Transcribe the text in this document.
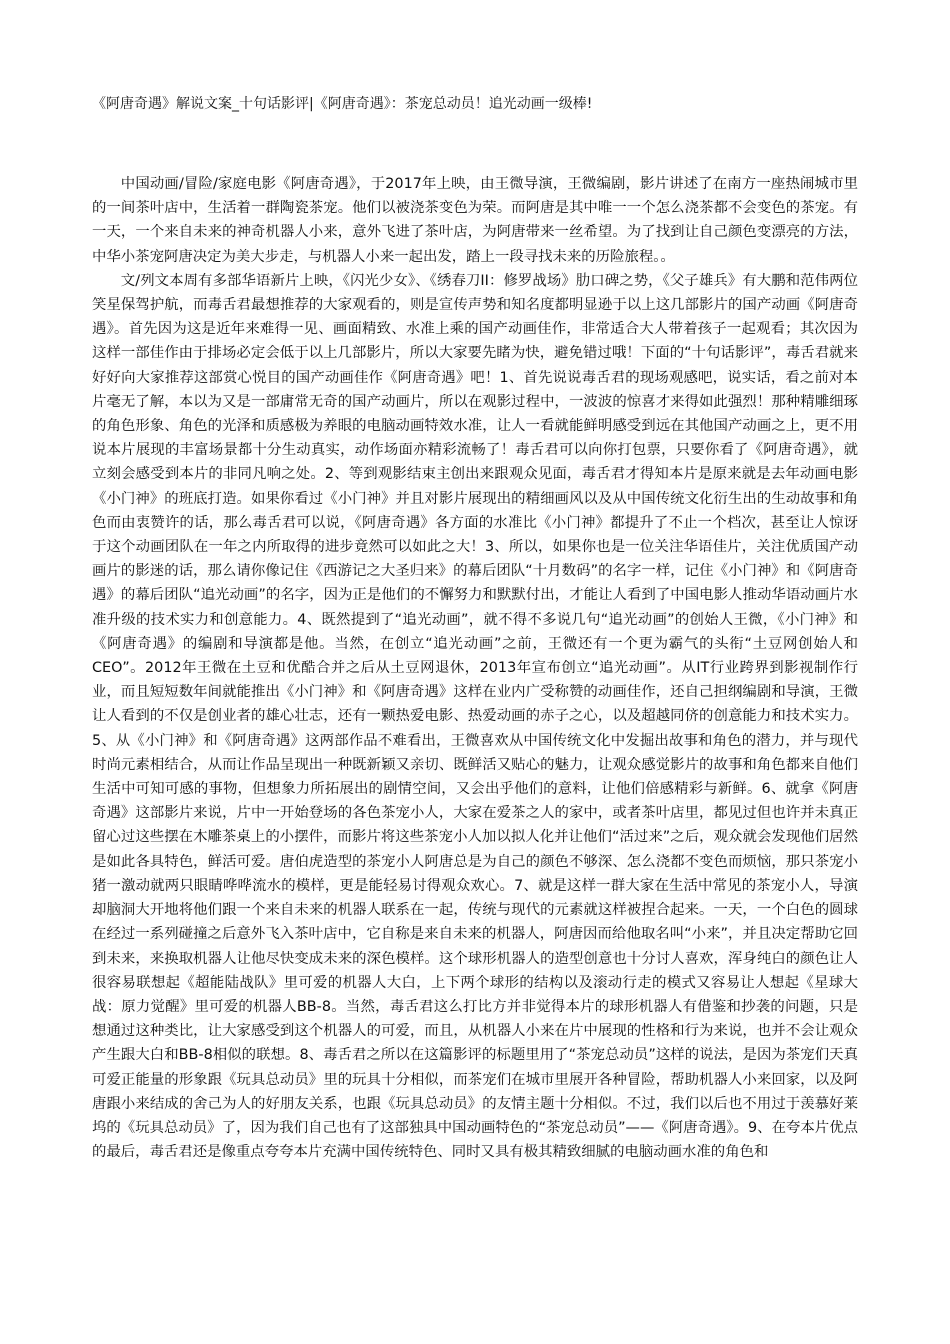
《阿唐奇遇》解说文案_十句话影评|《阿唐奇遇》：茶宠总动员！追光动画一级棒!

中国动画/冒险/家庭电影《阿唐奇遇》，于2017年上映，由王微导演，王微编剧，影片讲述了在南方一座热闹城市里的一间茶叶店中，生活着一群陶瓷茶宠。他们以被浇茶变色为荣。而阿唐是其中唯一一个怎么浇茶都不会变色的茶宠。有一天，一个来自未来的神奇机器人小来，意外飞进了茶叶店，为阿唐带来一丝希望。为了找到让自己颜色变漂亮的方法，中华小茶宠阿唐决定为美大步走，与机器人小来一起出发，踏上一段寻找未来的历险旅程。。

文/列文本周有多部华语新片上映，《闪光少女》、《绣春刀II：修罗战场》肋口碑之势，《父子雄兵》有大鹏和范伟两位笑星保驾护航，而毒舌君最想推荐的大家观看的，则是宣传声势和知名度都明显逊于以上这几部影片的国产动画《阿唐奇遇》。首先因为这是近年来难得一见、画面精致、水准上乘的国产动画佳作，非常适合大人带着孩子一起观看；其次因为这样一部佳作由于排场必定会低于以上几部影片，所以大家要先睹为快，避免错过哦！下面的“十句话影评”，毒舌君就来好好向大家推荐这部赏心悦目的国产动画佳作《阿唐奇遇》吧！1、首先说说毒舌君的现场观感吧，说实话，看之前对本片毫无了解，本以为又是一部庸常无奇的国产动画片，所以在观影过程中，一波波的惊喜才来得如此强烈！那种精雕细琢的角色形象、角色的光泽和质感极为养眼的电脑动画特效水准，让人一看就能鲜明感受到远在其他国产动画之上，更不用说本片展现的丰富场景都十分生动真实，动作场面亦精彩流畅了！毒舌君可以向你打包票，只要你看了《阿唐奇遇》，就立刻会感受到本片的非同凡响之处。2、等到观影结束主创出来跟观众见面，毒舌君才得知本片是原来就是去年动画电影《小门神》的班底打造。如果你看过《小门神》并且对影片展现出的精细画风以及从中国传统文化衍生出的生动故事和角色而由衷赞许的话，那么毒舌君可以说，《阿唐奇遇》各方面的水准比《小门神》都提升了不止一个档次，甚至让人惊讶于这个动画团队在一年之内所取得的进步竟然可以如此之大！3、所以，如果你也是一位关注华语佳片，关注优质国产动画片的影迷的话，那么请你像记住《西游记之大圣归来》的幕后团队“十月数码”的名字一样，记住《小门神》和《阿唐奇遇》的幕后团队“追光动画”的名字，因为正是他们的不懈努力和默默付出，才能让人看到了中国电影人推动华语动画片水准升级的技术实力和创意能力。4、既然提到了“追光动画”，就不得不多说几句“追光动画”的创始人王微，《小门神》和《阿唐奇遇》的编剧和导演都是他。当然，在创立“追光动画”之前，王微还有一个更为霸气的头衔“土豆网创始人和CEO”。2012年王微在土豆和优酷合并之后从土豆网退休，2013年宣布创立“追光动画”。从IT行业跨界到影视制作行业，而且短短数年间就能推出《小门神》和《阿唐奇遇》这样在业内广受称赞的动画佳作，还自己担纲编剧和导演，王微让人看到的不仅是创业者的雄心壮志，还有一颗热爱电影、热爱动画的赤子之心，以及超越同侪的创意能力和技术实力。5、从《小门神》和《阿唐奇遇》这两部作品不难看出，王微喜欢从中国传统文化中发掘出故事和角色的潜力，并与现代时尚元素相结合，从而让作品呈现出一种既新颖又亲切、既鲜活又贴心的魅力，让观众感觉影片的故事和角色都来自他们生活中可知可感的事物，但想象力所拓展出的剧情空间，又会出乎他们的意料，让他们倍感精彩与新鲜。6、就拿《阿唐奇遇》这部影片来说，片中一开始登场的各色茶宠小人，大家在爱茶之人的家中，或者茶叶店里，都见过但也许并未真正留心过这些摆在木雕茶桌上的小摆件，而影片将这些茶宠小人加以拟人化并让他们“活过来”之后，观众就会发现他们居然是如此各具特色，鲜活可爱。唐伯虎造型的茶宠小人阿唐总是为自己的颜色不够深、怎么浇都不变色而烦恼，那只茶宠小猪一激动就两只眼睛哗哗流水的模样，更是能轻易讨得观众欢心。7、就是这样一群大家在生活中常见的茶宠小人，导演却脑洞大开地将他们跟一个来自未来的机器人联系在一起，传统与现代的元素就这样被捏合起来。一天，一个白色的圆球在经过一系列碰撞之后意外飞入茶叶店中，它自称是来自未来的机器人，阿唐因而给他取名叫“小来”，并且决定帮助它回到未来，来换取机器人让他尽快变成未来的深色模样。这个球形机器人的造型创意也十分讨人喜欢，浑身纯白的颜色让人很容易联想起《超能陆战队》里可爱的机器人大白，上下两个球形的结构以及滚动行走的模式又容易让人想起《星球大战：原力觉醒》里可爱的机器人BB-8。当然，毒舌君这么打比方并非觉得本片的球形机器人有借鉴和抄袭的问题，只是想通过这种类比，让大家感受到这个机器人的可爱，而且，从机器人小来在片中展现的性格和行为来说，也并不会让观众产生跟大白和BB-8相似的联想。8、毒舌君之所以在这篇影评的标题里用了“茶宠总动员”这样的说法，是因为茶宠们天真可爱正能量的形象跟《玩具总动员》里的玩具十分相似，而茶宠们在城市里展开各种冒险，帮助机器人小来回家，以及阿唐跟小来结成的舍己为人的好朋友关系，也跟《玩具总动员》的友情主题十分相似。不过，我们以后也不用过于羡慕好莱坞的《玩具总动员》了，因为我们自己也有了这部独具中国动画特色的“茶宠总动员”——《阿唐奇遇》。9、在夸本片优点的最后，毒舌君还是像重点夸夸本片充满中国传统特色、同时又具有极其精致细腻的电脑动画水准的角色和
